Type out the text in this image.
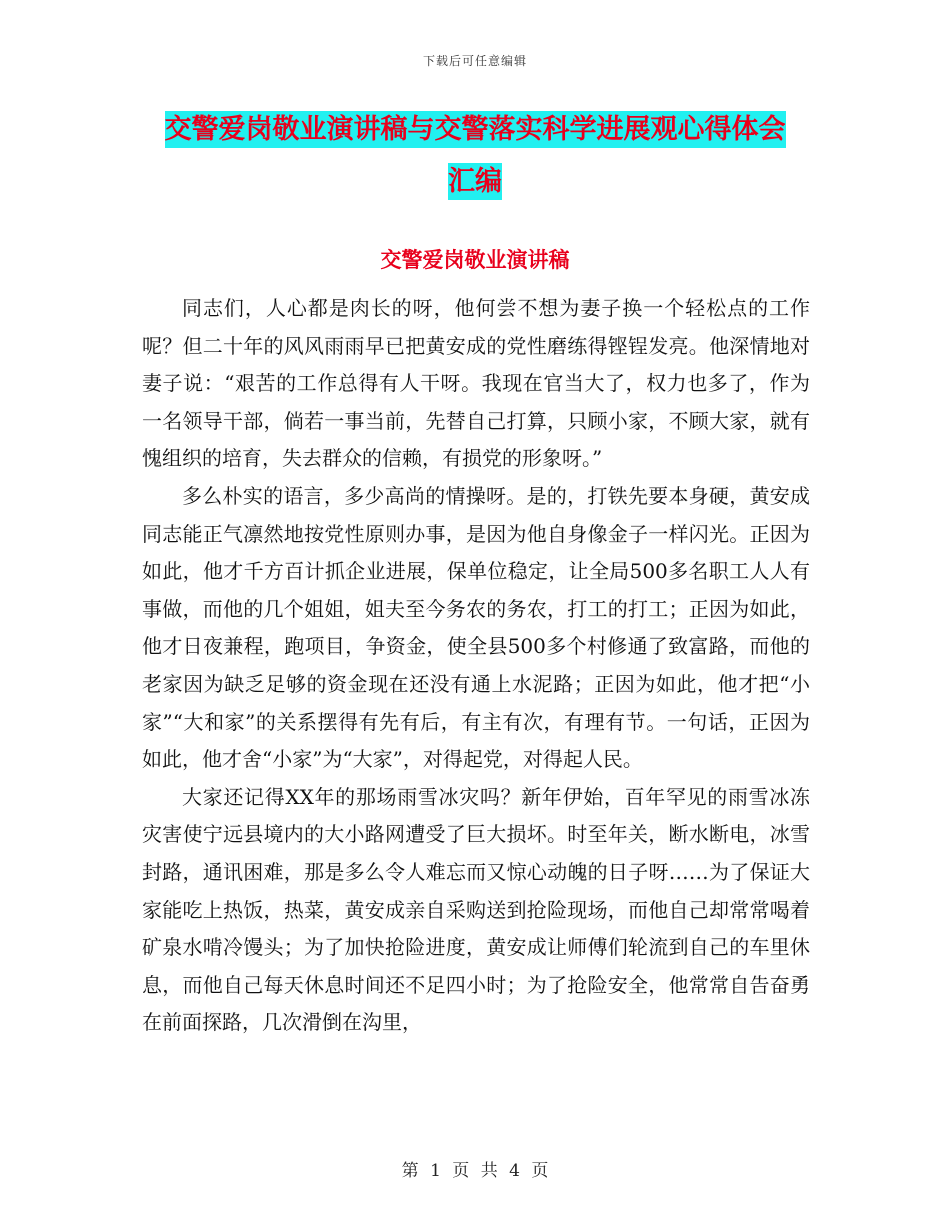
下载后可任意编辑
交警爱岗敬业演讲稿与交警落实科学进展观心得体会
汇编
交警爱岗敬业演讲稿

同志们，人心都是肉长的呀，他何尝不想为妻子换一个轻松点的工作呢？但二十年的风风雨雨早已把黄安成的党性磨练得铿锃发亮。他深情地对妻子说：“艰苦的工作总得有人干呀。我现在官当大了，权力也多了，作为一名领导干部，倘若一事当前，先替自己打算，只顾小家，不顾大家，就有愧组织的培育，失去群众的信赖，有损党的形象呀。”

多么朴实的语言，多少高尚的情操呀。是的，打铁先要本身硬，黄安成同志能正气凛然地按党性原则办事，是因为他自身像金子一样闪光。正因为如此，他才千方百计抓企业进展，保单位稳定，让全局500多名职工人人有事做，而他的几个姐姐，姐夫至今务农的务农，打工的打工；正因为如此，他才日夜兼程，跑项目，争资金，使全县500多个村修通了致富路，而他的老家因为缺乏足够的资金现在还没有通上水泥路；正因为如此，他才把“小家”“大和家”的关系摆得有先有后，有主有次，有理有节。一句话，正因为如此，他才舍“小家”为“大家”，对得起党，对得起人民。

大家还记得XX年的那场雨雪冰灾吗？新年伊始，百年罕见的雨雪冰冻灾害使宁远县境内的大小路网遭受了巨大损坏。时至年关，断水断电，冰雪封路，通讯困难，那是多么令人难忘而又惊心动魄的日子呀……为了保证大家能吃上热饭，热菜，黄安成亲自采购送到抢险现场，而他自己却常常喝着矿泉水啃冷馒头；为了加快抢险进度，黄安成让师傅们轮流到自己的车里休息，而他自己每天休息时间还不足四小时；为了抢险安全，他常常自告奋勇在前面探路，几次滑倒在沟里，

第 1 页 共 4 页
